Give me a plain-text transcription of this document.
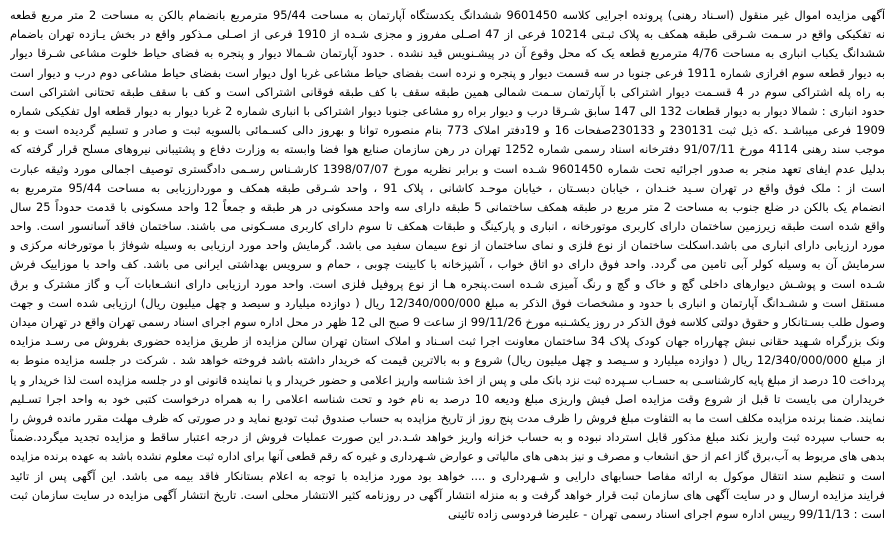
آگهی مزایده اموال غیر منقول (اسـناد رهنی) پرونده اجرایی کلاسه 9601450 ششدانگ یکدستگاه آپارتمان به مساحت 95/44 مترمربع بانضمام بالکن به مساحت 2 متر مربع قطعه
نه تفکیکی واقع در سـمت شـرقی طبقه همکف به پلاک ثبـتی 10214 فرعی از 47 اصـلی مفروز و مجزی شـده از 1910 فرعی از اصـلی مـذکور واقع در بخش یـازده تهران باضمام
ششدانگ یکباب انباری به مساحت 4/76 مترمربع قطعه یک که محل وقوع آن در پیشـنویس قید نشده . حدود آپارتمان شـمالا دیوار و پنجره به فضای حیاط خلوت مشاعی شـرقا دیوار
به دیوار قطعه سوم افرازی شماره 1911 فرعی جنوبا در سه قسمت دیوار و پنجره و نرده است بفضای حیاط مشاعی غربا اول دیوار است بفضای حیاط مشاعی دوم درب و دیوار است
به راه پله اشتراکی سوم در 4 قسـمت دیوار اشتراکی با آپارتمان سـمت شمالی همین طبقه سقف با کف طبقه فوقانی اشتراکی است و کف با سقف طبقه تحتانی اشتراکی است
حدود انباری : شمالا دیوار به دیوار قطعات 132 الی 147 سابق شـرقا درب و دیوار براه رو مشاعی جنوبا دیوار اشتراکی با انباری شماره 2 غربا دیوار به دیوار قطعه اول تفکیکی شماره
1909 فرعی میباشـد .که ذیل ثبت 230131 و 230133صفحات 16 و 19دفتر املاک 773 بنام منصوره توانا و بهروز دالی کسـمائی بالسویه ثبت و صادر و تسلیم گردیده است و به
موجب سند رهنی 4114 مورخ 91/07/11 دفترخانه اسناد رسمی شماره 1252 تهران در رهن سازمان صنایع هوا فضا وابسته به وزارت دفاع و پشتیبانی نیروهای مسلح قرار گرفته که
بدلیل عدم ایفای تعهد منجر به صدور اجرائیه تحت شماره 9601450 شـده است و برابر نظریه مورخ 1398/07/07 کارشـناس رسـمی دادگستری توصیف اجمالی مورد وثیقه عبارت
است از : ملک فوق واقع در تهران سـید خنـدان ، خیابان دبسـتان ، خیابان موحـد کاشانی ، پلاک 91 ، واحد شـرقی طبقه همکف و موردارزیابی به مساحت 95/44 مترمربع به
انضمام یک بالکن در ضلع جنوب به مساحت 2 متر مربع در طبقه همکف ساختمانی 5 طبقه دارای سه واحد مسکونی در هر طبقه و جمعاً 12 واحد مسکونی با قدمت حدوداً 25 سال
واقع شده است طبقه زیرزمین ساختمان دارای کاربری موتورخانه ، انباری و پارکینگ و طبقات همکف تا سوم دارای کاربری مسـکونی می باشند. ساختمان فاقد آسانسور است. واحد
مورد ارزیابی دارای انباری می باشد.اسکلت ساختمان از نوع فلزی و نمای ساختمان از نوع سیمان سفید می باشد. گرمایش واحد مورد ارزیابی به وسیله شوفاژ با موتورخانه مرکزی و
سرمایش آن به وسیله کولر آبی تامین می گردد. واحد فوق دارای دو اتاق خواب ، آشپزخانه با کابینت چوبی ، حمام و سرویس بهداشتی ایرانی می باشد. کف واحد با موزاییک فرش
شـده است و پوشـش دیوارهای داخلی گچ و خاک و گچ و رنگ آمیزی شـده است.پنجره هـا از نوع پروفیل فلزی است. واحد مورد ارزیابی دارای انشـعابات آب و گاز مشترک و برق
مستقل است و ششـدانگ آپارتمان و انباری با حدود و مشخصات فوق الذکر به مبلغ 12/340/000/000 ریال ( دوازده میلیارد و سیصد و چهل میلیون ریال) ارزیابی شده است و جهت
وصول طلب بسـتانکار و حقوق دولتی کلاسه فوق الذکر در روز یکشـنبه مورخ 99/11/26 از ساعت 9 صبح الی 12 ظهر در محل اداره سوم اجرای اسناد رسمی تهران واقع در تهران میدان
ونک بزرگراه شـهید حقانی نبش چهارراه جهان کودک پلاک 34 ساختمان معاونت اجرا ثبت اسـناد و املاک استان تهران سالن مزایده از طریق مزایده حضوری بفروش می رسـد مزایده
از مبلغ 12/340/000/000 ریال ( دوازده میلیارد و سـیصد و چهل میلیون ریال) شروع و به بالاترین قیمت که خریدار داشته باشد فروخته خواهد شد . شرکت در جلسه مزایده منوط به
پرداخت 10 درصد از مبلغ پایه کارشناسـی به حسـاب سـپرده ثبت نزد بانک ملی و پس از اخذ شناسه واریز اعلامی و حضور خریدار و یا نماینده قانونی او در جلسه مزایده است لذا خریدار و یا
خریداران می بایست تا قبل از شروع وقت مزایده اصل فیش واریزی مبلغ ودیعه 10 درصد به نام خود و تحت شناسه اعلامی را به همراه درخواست کتبی خود به واحد اجرا تسـلیم
نمایند. ضمنا برنده مزایده مکلف است ما به التفاوت مبلغ فروش را ظرف مدت پنج روز از تاریخ مزایده به حساب صندوق ثبت تودیع نماید و در صورتی که ظرف مهلت مقرر مانده فروش را
به حساب سپرده ثبت واریز نکند مبلغ مذکور قابل استرداد نبوده و به حساب خزانه واریز خواهد شـد.در این صورت عملیات فروش از درجه اعتبار ساقط و مزایده تجدید میگردد.ضمناً
بدهی های مربوط به آب،برق گاز اعم از حق انشعاب و مصرف و نیز بدهی های مالیاتی و عوارض شـهرداری و غیره که رقم قطعی آنها برای اداره ثبت معلوم نشده باشد به عهده برنده مزایده
است و تنظیم سند انتقال موکول به ارائه مفاصا حسابهای دارایی و شـهرداری و .... خواهد بود مورد مزایده با توجه به اعلام بستانکار فاقد بیمه می باشد. این آگهی پس از تائید
فرایند مزایده ارسال و در سایت آگهی های سازمان ثبت قرار خواهد گرفت و به منزله انتشار آگهی در روزنامه کثیر الانتشار محلی است. تاریخ انتشار آگهی مزایده در سایت سازمان ثبت
است : 99/11/13 رییس اداره سوم اجرای اسناد رسمی تهران - علیرضا فردوسی زاده تائینی
